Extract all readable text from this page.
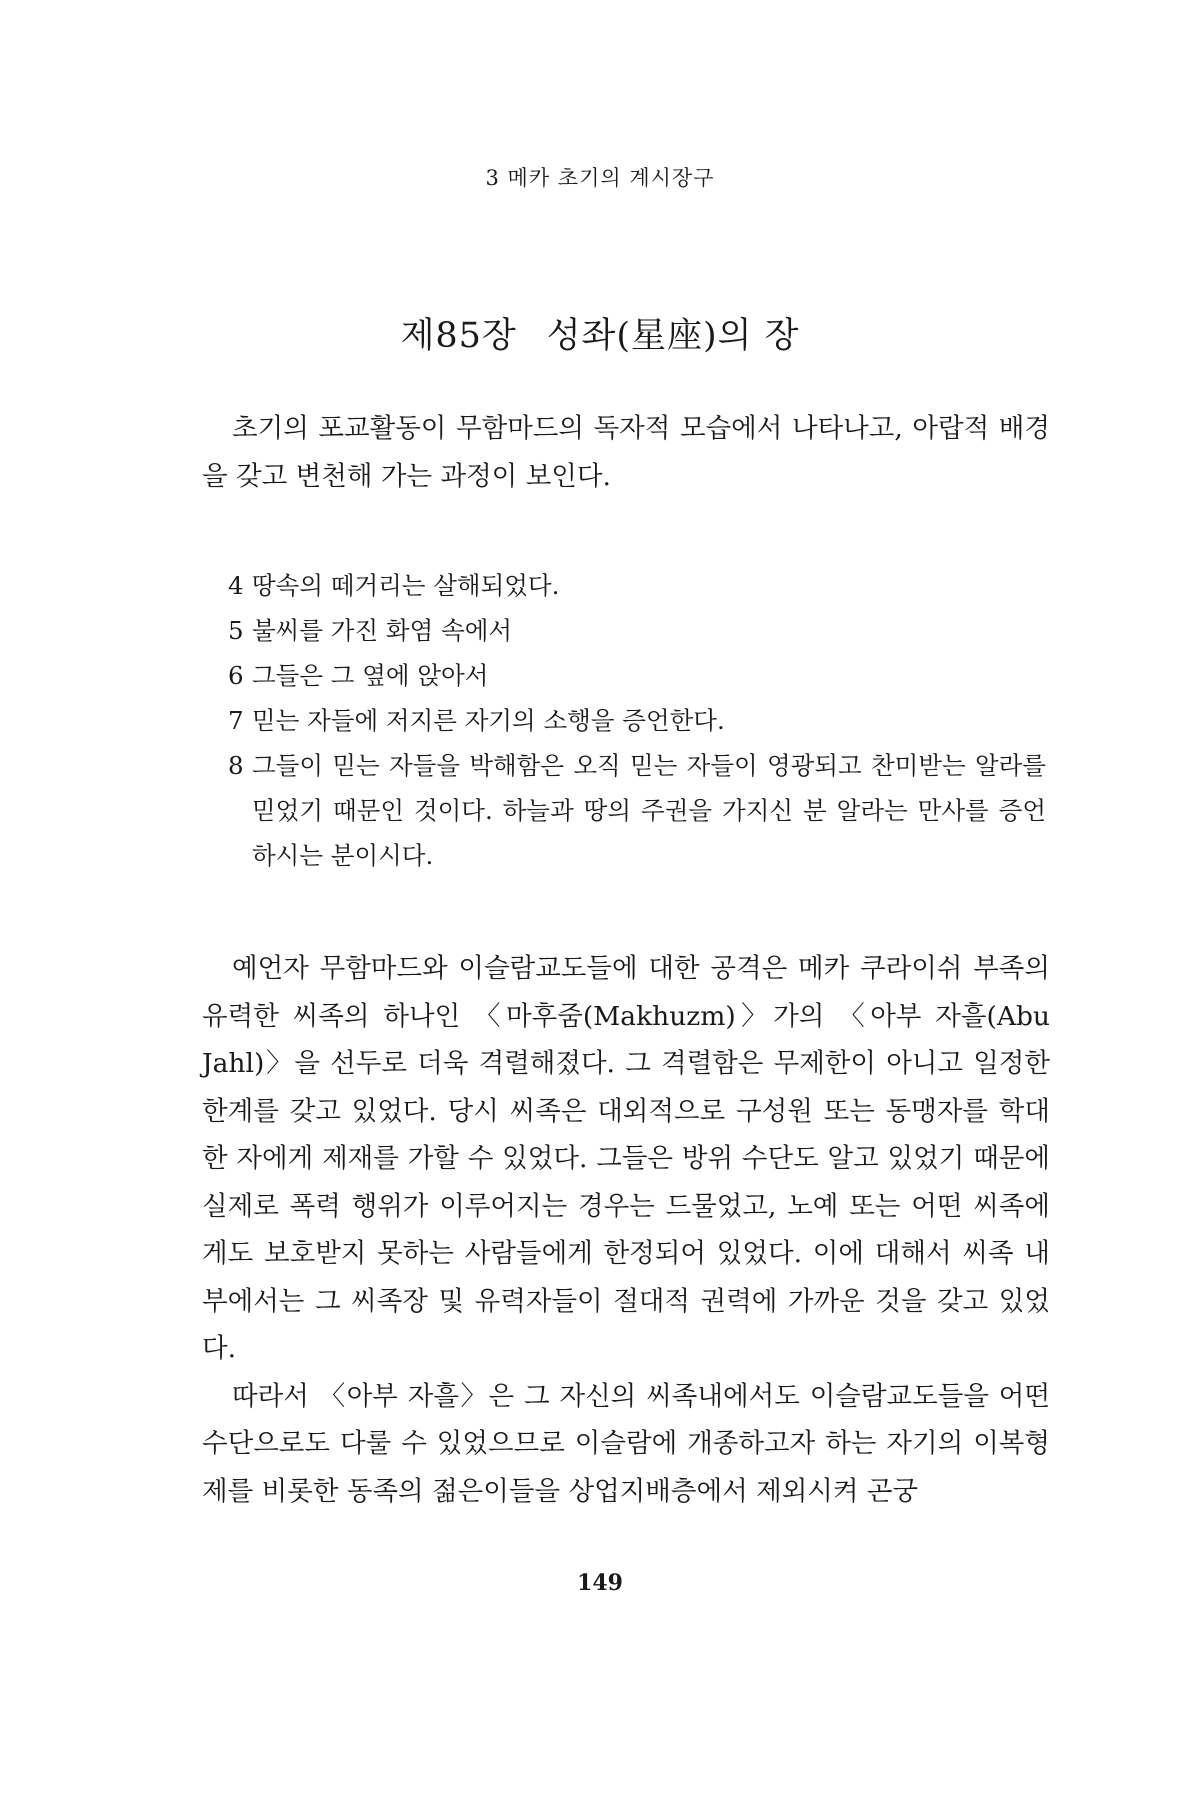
3 메카 초기의 계시장구
제85장 성좌(星座)의 장

초기의 포교활동이 무함마드의 독자적 모습에서 나타나고, 아랍적 배경을 갖고 변천해 가는 과정이 보인다.

4 땅속의 떼거리는 살해되었다.
5 불씨를 가진 화염 속에서
6 그들은 그 옆에 앉아서
7 믿는 자들에 저지른 자기의 소행을 증언한다.
8 그들이 믿는 자들을 박해함은 오직 믿는 자들이 영광되고 찬미받는 알라를 믿었기 때문인 것이다. 하늘과 땅의 주권을 가지신 분 알라는 만사를 증언하시는 분이시다.

예언자 무함마드와 이슬람교도들에 대한 공격은 메카 쿠라이쉬 부족의 유력한 씨족의 하나인 〈마후줌(Makhuzm)〉가의 〈아부 자흘(Abu Jahl)〉을 선두로 더욱 격렬해졌다. 그 격렬함은 무제한이 아니고 일정한 한계를 갖고 있었다. 당시 씨족은 대외적으로 구성원 또는 동맹자를 학대한 자에게 제재를 가할 수 있었다. 그들은 방위 수단도 알고 있었기 때문에 실제로 폭력 행위가 이루어지는 경우는 드물었고, 노예 또는 어떤 씨족에게도 보호받지 못하는 사람들에게 한정되어 있었다. 이에 대해서 씨족 내부에서는 그 씨족장 및 유력자들이 절대적 권력에 가까운 것을 갖고 있었다.

따라서 〈아부 자흘〉은 그 자신의 씨족내에서도 이슬람교도들을 어떤 수단으로도 다룰 수 있었으므로 이슬람에 개종하고자 하는 자기의 이복형제를 비롯한 동족의 젊은이들을 상업지배층에서 제외시켜 곤궁

149
